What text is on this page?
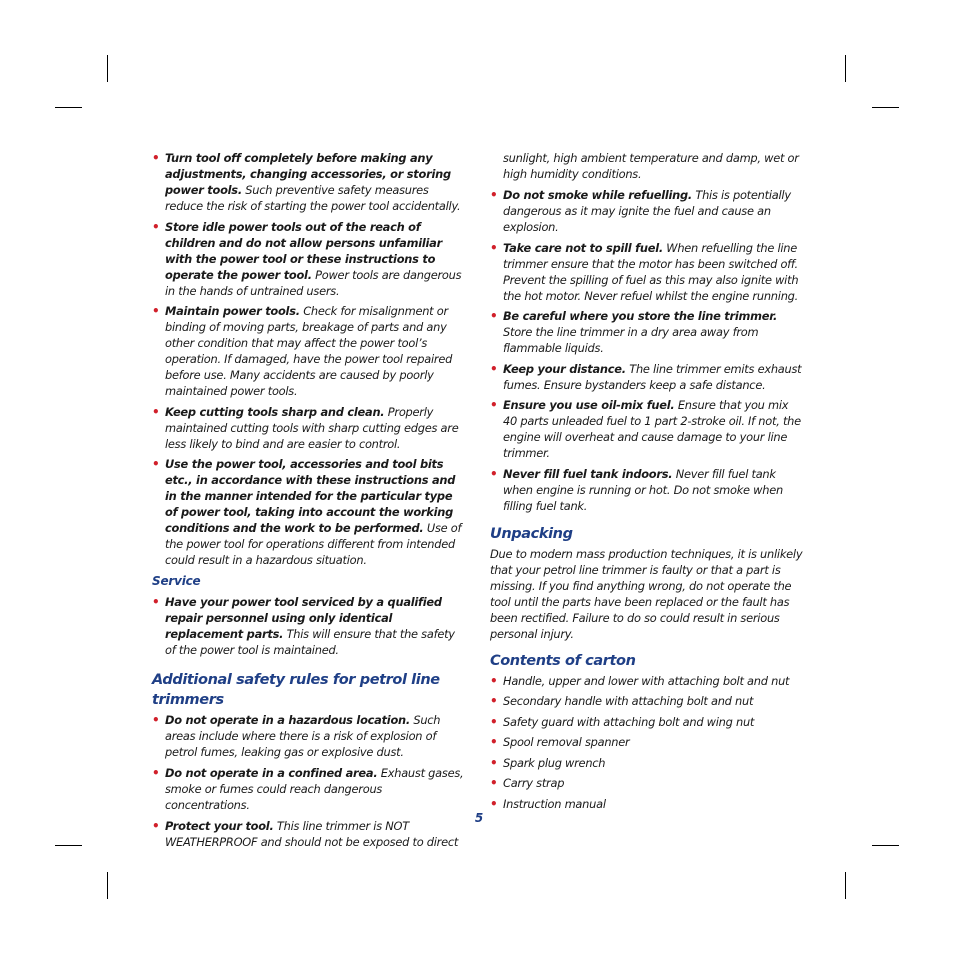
• Turn tool off completely before making any adjustments, changing accessories, or storing power tools. Such preventive safety measures reduce the risk of starting the power tool accidentally.
• Store idle power tools out of the reach of children and do not allow persons unfamiliar with the power tool or these instructions to operate the power tool. Power tools are dangerous in the hands of untrained users.
• Maintain power tools. Check for misalignment or binding of moving parts, breakage of parts and any other condition that may affect the power tool’s operation. If damaged, have the power tool repaired before use. Many accidents are caused by poorly maintained power tools.
• Keep cutting tools sharp and clean. Properly maintained cutting tools with sharp cutting edges are less likely to bind and are easier to control.
• Use the power tool, accessories and tool bits etc., in accordance with these instructions and in the manner intended for the particular type of power tool, taking into account the working conditions and the work to be performed. Use of the power tool for operations different from intended could result in a hazardous situation.
Service
• Have your power tool serviced by a qualified repair personnel using only identical replacement parts. This will ensure that the safety of the power tool is maintained.
Additional safety rules for petrol line trimmers
• Do not operate in a hazardous location. Such areas include where there is a risk of explosion of petrol fumes, leaking gas or explosive dust.
• Do not operate in a confined area. Exhaust gases, smoke or fumes could reach dangerous concentrations.
• Protect your tool. This line trimmer is NOT WEATHERPROOF and should not be exposed to direct
sunlight, high ambient temperature and damp, wet or high humidity conditions.
• Do not smoke while refuelling. This is potentially dangerous as it may ignite the fuel and cause an explosion.
• Take care not to spill fuel. When refuelling the line trimmer ensure that the motor has been switched off. Prevent the spilling of fuel as this may also ignite with the hot motor. Never refuel whilst the engine running.
• Be careful where you store the line trimmer. Store the line trimmer in a dry area away from flammable liquids.
• Keep your distance. The line trimmer emits exhaust fumes. Ensure bystanders keep a safe distance.
• Ensure you use oil-mix fuel. Ensure that you mix 40 parts unleaded fuel to 1 part 2-stroke oil. If not, the engine will overheat and cause damage to your line trimmer.
• Never fill fuel tank indoors. Never fill fuel tank when engine is running or hot. Do not smoke when filling fuel tank.
Unpacking

Due to modern mass production techniques, it is unlikely that your petrol line trimmer is faulty or that a part is missing. If you find anything wrong, do not operate the tool until the parts have been replaced or the fault has been rectified. Failure to do so could result in serious personal injury.

Contents of carton
• Handle, upper and lower with attaching bolt and nut
• Secondary handle with attaching bolt and nut
• Safety guard with attaching bolt and wing nut
• Spool removal spanner
• Spark plug wrench
• Carry strap
• Instruction manual
5
